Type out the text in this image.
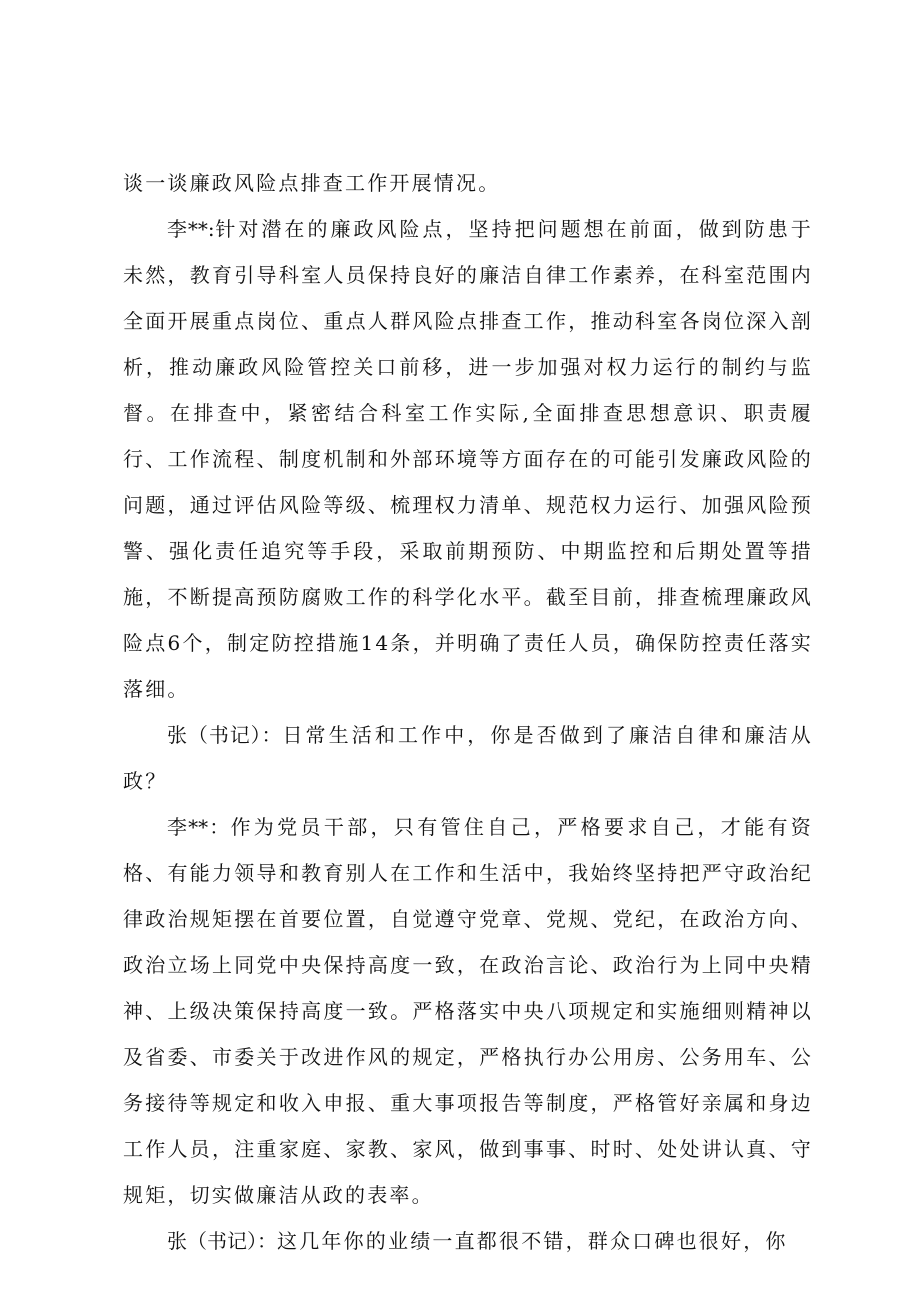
谈一谈廉政风险点排查工作开展情况。

李**:针对潜在的廉政风险点，坚持把问题想在前面，做到防患于未然，教育引导科室人员保持良好的廉洁自律工作素养，在科室范围内全面开展重点岗位、重点人群风险点排查工作，推动科室各岗位深入剖析，推动廉政风险管控关口前移，进一步加强对权力运行的制约与监督。在排查中，紧密结合科室工作实际,全面排查思想意识、职责履行、工作流程、制度机制和外部环境等方面存在的可能引发廉政风险的问题，通过评估风险等级、梳理权力清单、规范权力运行、加强风险预警、强化责任追究等手段，采取前期预防、中期监控和后期处置等措施，不断提高预防腐败工作的科学化水平。截至目前，排查梳理廉政风险点6个，制定防控措施14条，并明确了责任人员，确保防控责任落实落细。

张（书记）：日常生活和工作中，你是否做到了廉洁自律和廉洁从政？

李**：作为党员干部，只有管住自己，严格要求自己，才能有资格、有能力领导和教育别人在工作和生活中，我始终坚持把严守政治纪律政治规矩摆在首要位置，自觉遵守党章、党规、党纪，在政治方向、政治立场上同党中央保持高度一致，在政治言论、政治行为上同中央精神、上级决策保持高度一致。严格落实中央八项规定和实施细则精神以及省委、市委关于改进作风的规定，严格执行办公用房、公务用车、公务接待等规定和收入申报、重大事项报告等制度，严格管好亲属和身边工作人员，注重家庭、家教、家风，做到事事、时时、处处讲认真、守规矩，切实做廉洁从政的表率。

张（书记）：这几年你的业绩一直都很不错，群众口碑也很好，你
